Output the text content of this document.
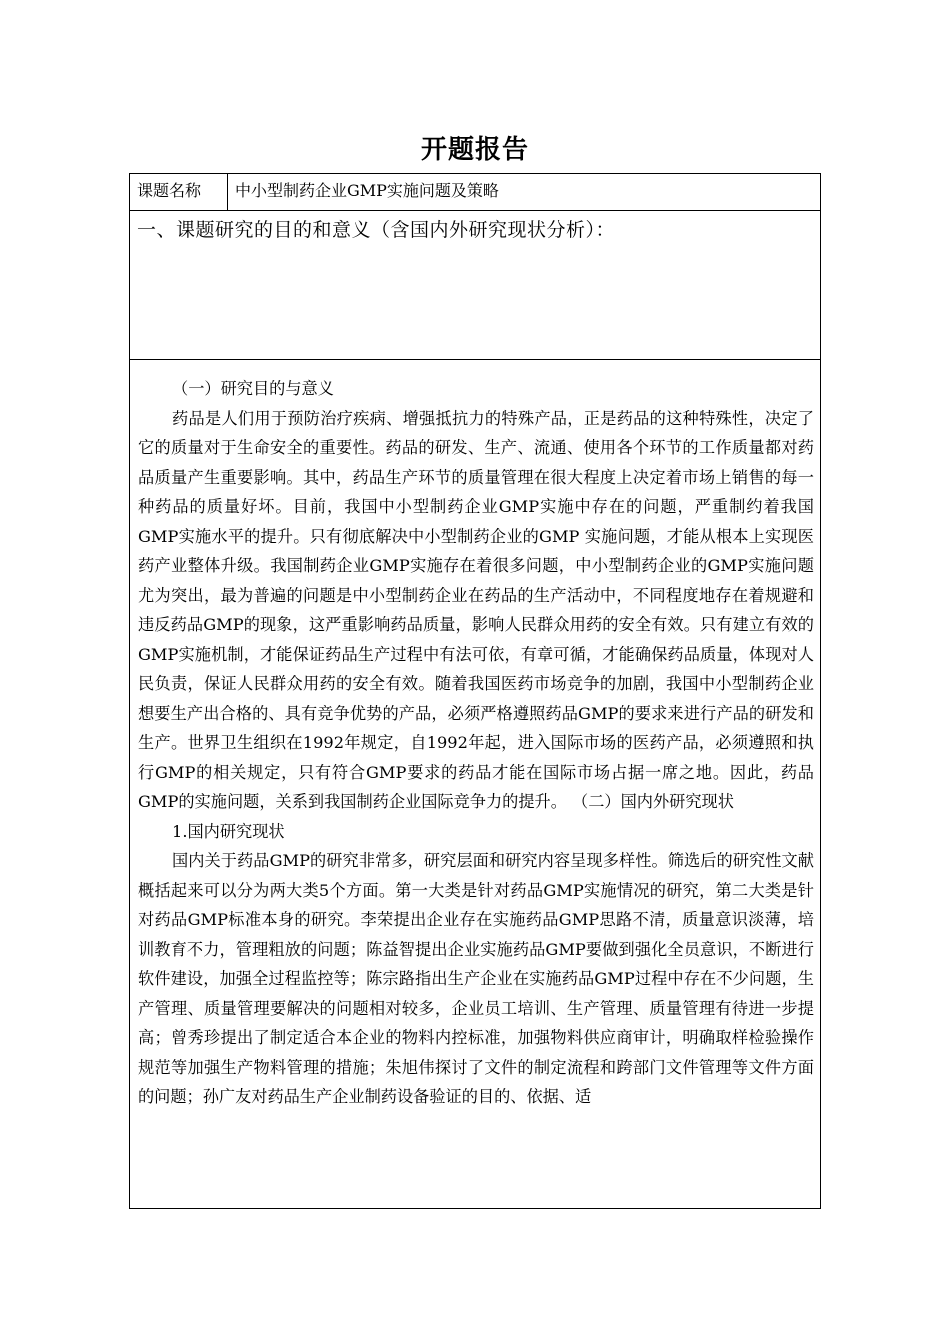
开题报告
课题名称	中小型制药企业GMP实施问题及策略
一、课题研究的目的和意义（含国内外研究现状分析）：

（一）研究目的与意义

药品是人们用于预防治疗疾病、增强抵抗力的特殊产品，正是药品的这种特殊性，决定了它的质量对于生命安全的重要性。药品的研发、生产、流通、使用各个环节的工作质量都对药品质量产生重要影响。其中，药品生产环节的质量管理在很大程度上决定着市场上销售的每一种药品的质量好坏。目前，我国中小型制药企业GMP实施中存在的问题，严重制约着我国GMP实施水平的提升。只有彻底解决中小型制药企业的GMP 实施问题，才能从根本上实现医药产业整体升级。我国制药企业GMP实施存在着很多问题，中小型制药企业的GMP实施问题尤为突出，最为普遍的问题是中小型制药企业在药品的生产活动中，不同程度地存在着规避和违反药品GMP的现象，这严重影响药品质量，影响人民群众用药的安全有效。只有建立有效的GMP实施机制，才能保证药品生产过程中有法可依，有章可循，才能确保药品质量，体现对人民负责，保证人民群众用药的安全有效。随着我国医药市场竞争的加剧，我国中小型制药企业想要生产出合格的、具有竞争优势的产品，必须严格遵照药品GMP的要求来进行产品的研发和生产。世界卫生组织在1992年规定，自1992年起，进入国际市场的医药产品，必须遵照和执行GMP的相关规定，只有符合GMP要求的药品才能在国际市场占据一席之地。因此，药品GMP的实施问题，关系到我国制药企业国际竞争力的提升。 （二）国内外研究现状

1.国内研究现状

国内关于药品GMP的研究非常多，研究层面和研究内容呈现多样性。筛选后的研究性文献概括起来可以分为两大类5个方面。第一大类是针对药品GMP实施情况的研究，第二大类是针对药品GMP标准本身的研究。李荣提出企业存在实施药品GMP思路不清，质量意识淡薄，培训教育不力，管理粗放的问题；陈益智提出企业实施药品GMP要做到强化全员意识，不断进行软件建设，加强全过程监控等；陈宗路指出生产企业在实施药品GMP过程中存在不少问题，生产管理、质量管理要解决的问题相对较多，企业员工培训、生产管理、质量管理有待进一步提高；曾秀珍提出了制定适合本企业的物料内控标准，加强物料供应商审计，明确取样检验操作规范等加强生产物料管理的措施；朱旭伟探讨了文件的制定流程和跨部门文件管理等文件方面的问题；孙广友对药品生产企业制药设备验证的目的、依据、适
